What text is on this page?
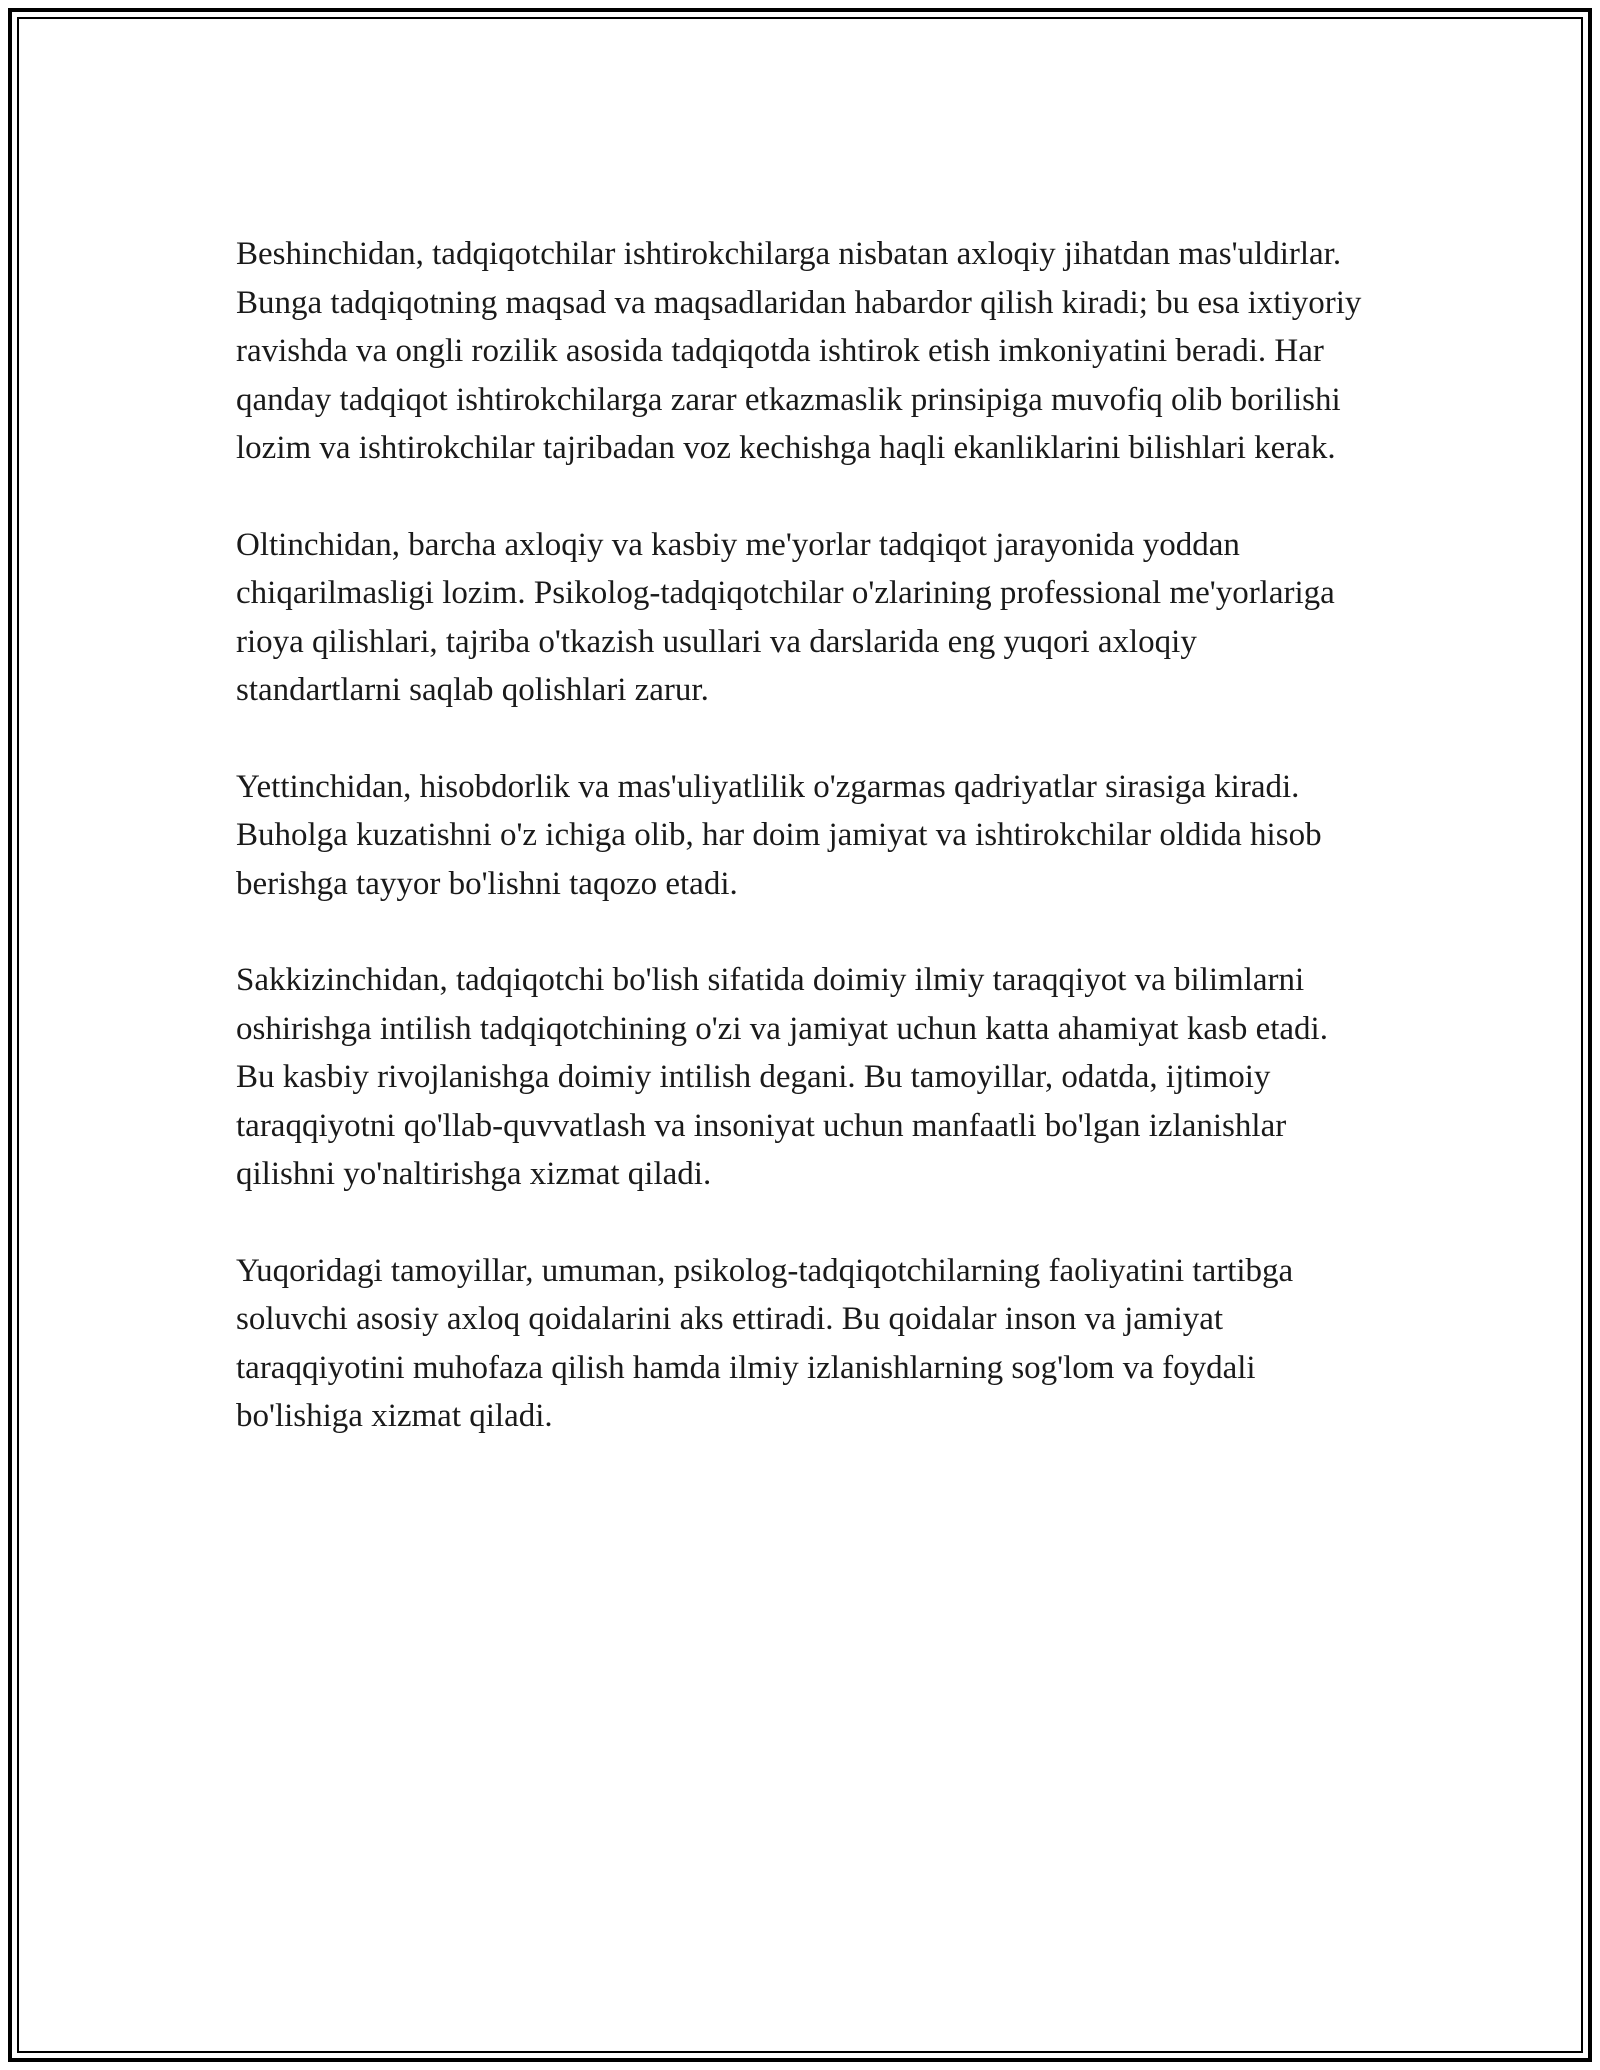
Beshinchidan, tadqiqotchilar ishtirokchilarga nisbatan axloqiy jihatdan mas'uldirlar. Bunga tadqiqotning maqsad va maqsadlaridan habardor qilish kiradi; bu esa ixtiyoriy ravishda va ongli rozilik asosida tadqiqotda ishtirok etish imkoniyatini beradi. Har qanday tadqiqot ishtirokchilarga zarar etkazmaslik prinsipiga muvofiq olib borilishi lozim va ishtirokchilar tajribadan voz kechishga haqli ekanliklarini bilishlari kerak.

Oltinchidan, barcha axloqiy va kasbiy me'yorlar tadqiqot jarayonida yoddan chiqarilmasligi lozim. Psikolog-tadqiqotchilar o'zlarining professional me'yorlariga rioya qilishlari, tajriba o'tkazish usullari va darslarida eng yuqori axloqiy standartlarni saqlab qolishlari zarur.

Yettinchidan, hisobdorlik va mas'uliyatlilik o'zgarmas qadriyatlar sirasiga kiradi. Buholga kuzatishni o'z ichiga olib, har doim jamiyat va ishtirokchilar oldida hisob berishga tayyor bo'lishni taqozo etadi.

Sakkizinchidan, tadqiqotchi bo'lish sifatida doimiy ilmiy taraqqiyot va bilimlarni oshirishga intilish tadqiqotchining o'zi va jamiyat uchun katta ahamiyat kasb etadi. Bu kasbiy rivojlanishga doimiy intilish degani. Bu tamoyillar, odatda, ijtimoiy taraqqiyotni qo'llab-quvvatlash va insoniyat uchun manfaatli bo'lgan izlanishlar qilishni yo'naltirishga xizmat qiladi.

Yuqoridagi tamoyillar, umuman, psikolog-tadqiqotchilarning faoliyatini tartibga soluvchi asosiy axloq qoidalarini aks ettiradi. Bu qoidalar inson va jamiyat taraqqiyotini muhofaza qilish hamda ilmiy izlanishlarning sog'lom va foydali bo'lishiga xizmat qiladi.
